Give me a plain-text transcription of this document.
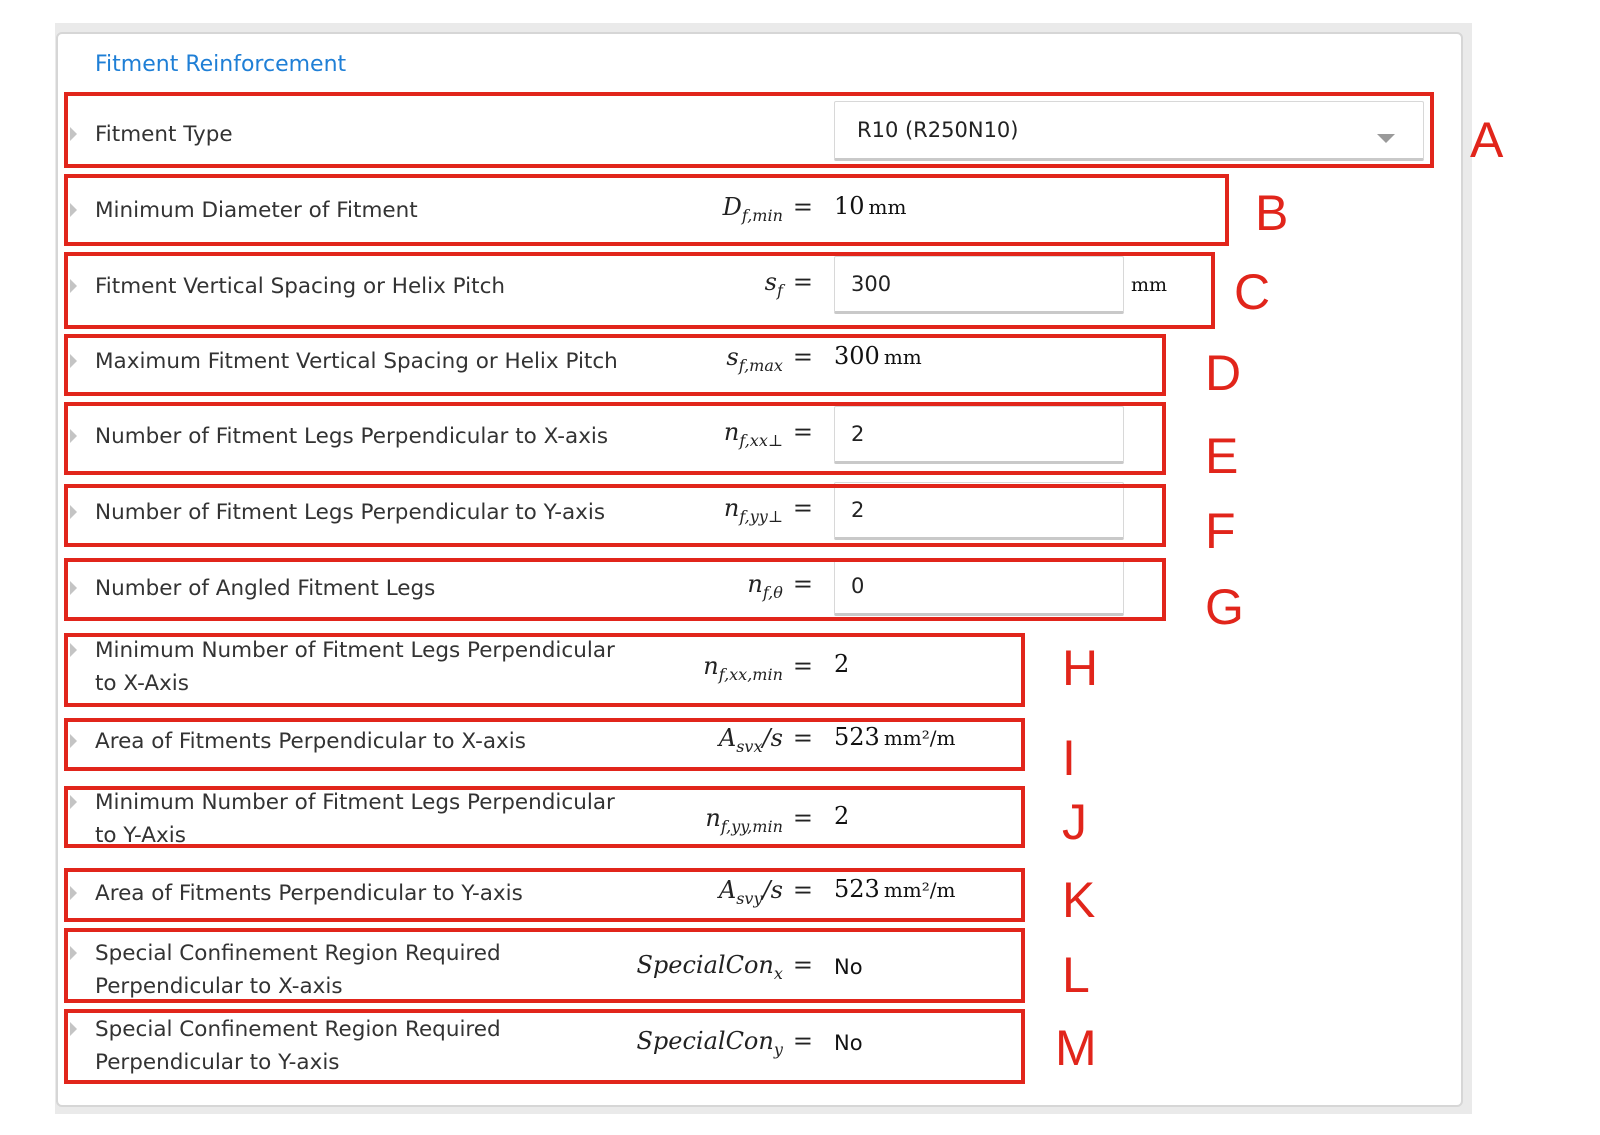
Fitment Reinforcement
Fitment Type	R10 (R250N10)
Minimum Diameter of Fitment	$D_{f,min} = 10$ mm
Fitment Vertical Spacing or Helix Pitch	$s_f$ =	300	mm
Maximum Fitment Vertical Spacing or Helix Pitch	$s_{f,max} = 300$ mm
Number of Fitment Legs Perpendicular to X-axis	$n_{f,xx\perp}$ =	2
Number of Fitment Legs Perpendicular to Y-axis	$n_{f,yy\perp}$ =	2
Number of Angled Fitment Legs	$n_{f,\theta}$ =	0
Minimum Number of Fitment Legs Perpendicular
to X-Axis
$n_{f,xx,min} = 2$
Area of Fitments Perpendicular to X-axis	$A_{svx}/s = 523$ mm²/m
Minimum Number of Fitment Legs Perpendicular
to Y-Axis
$n_{f,yy,min} = 2$
Area of Fitments Perpendicular to Y-axis	$A_{svy}/s = 523$ mm²/m
Special Confinement Region Required
Perpendicular to X-axis
SpecialCon$_x$ = No
Special Confinement Region Required
Perpendicular to Y-axis
SpecialCon$_y$ = No
A
B
C
D
E
F
G
H
I
J
K
L
M
